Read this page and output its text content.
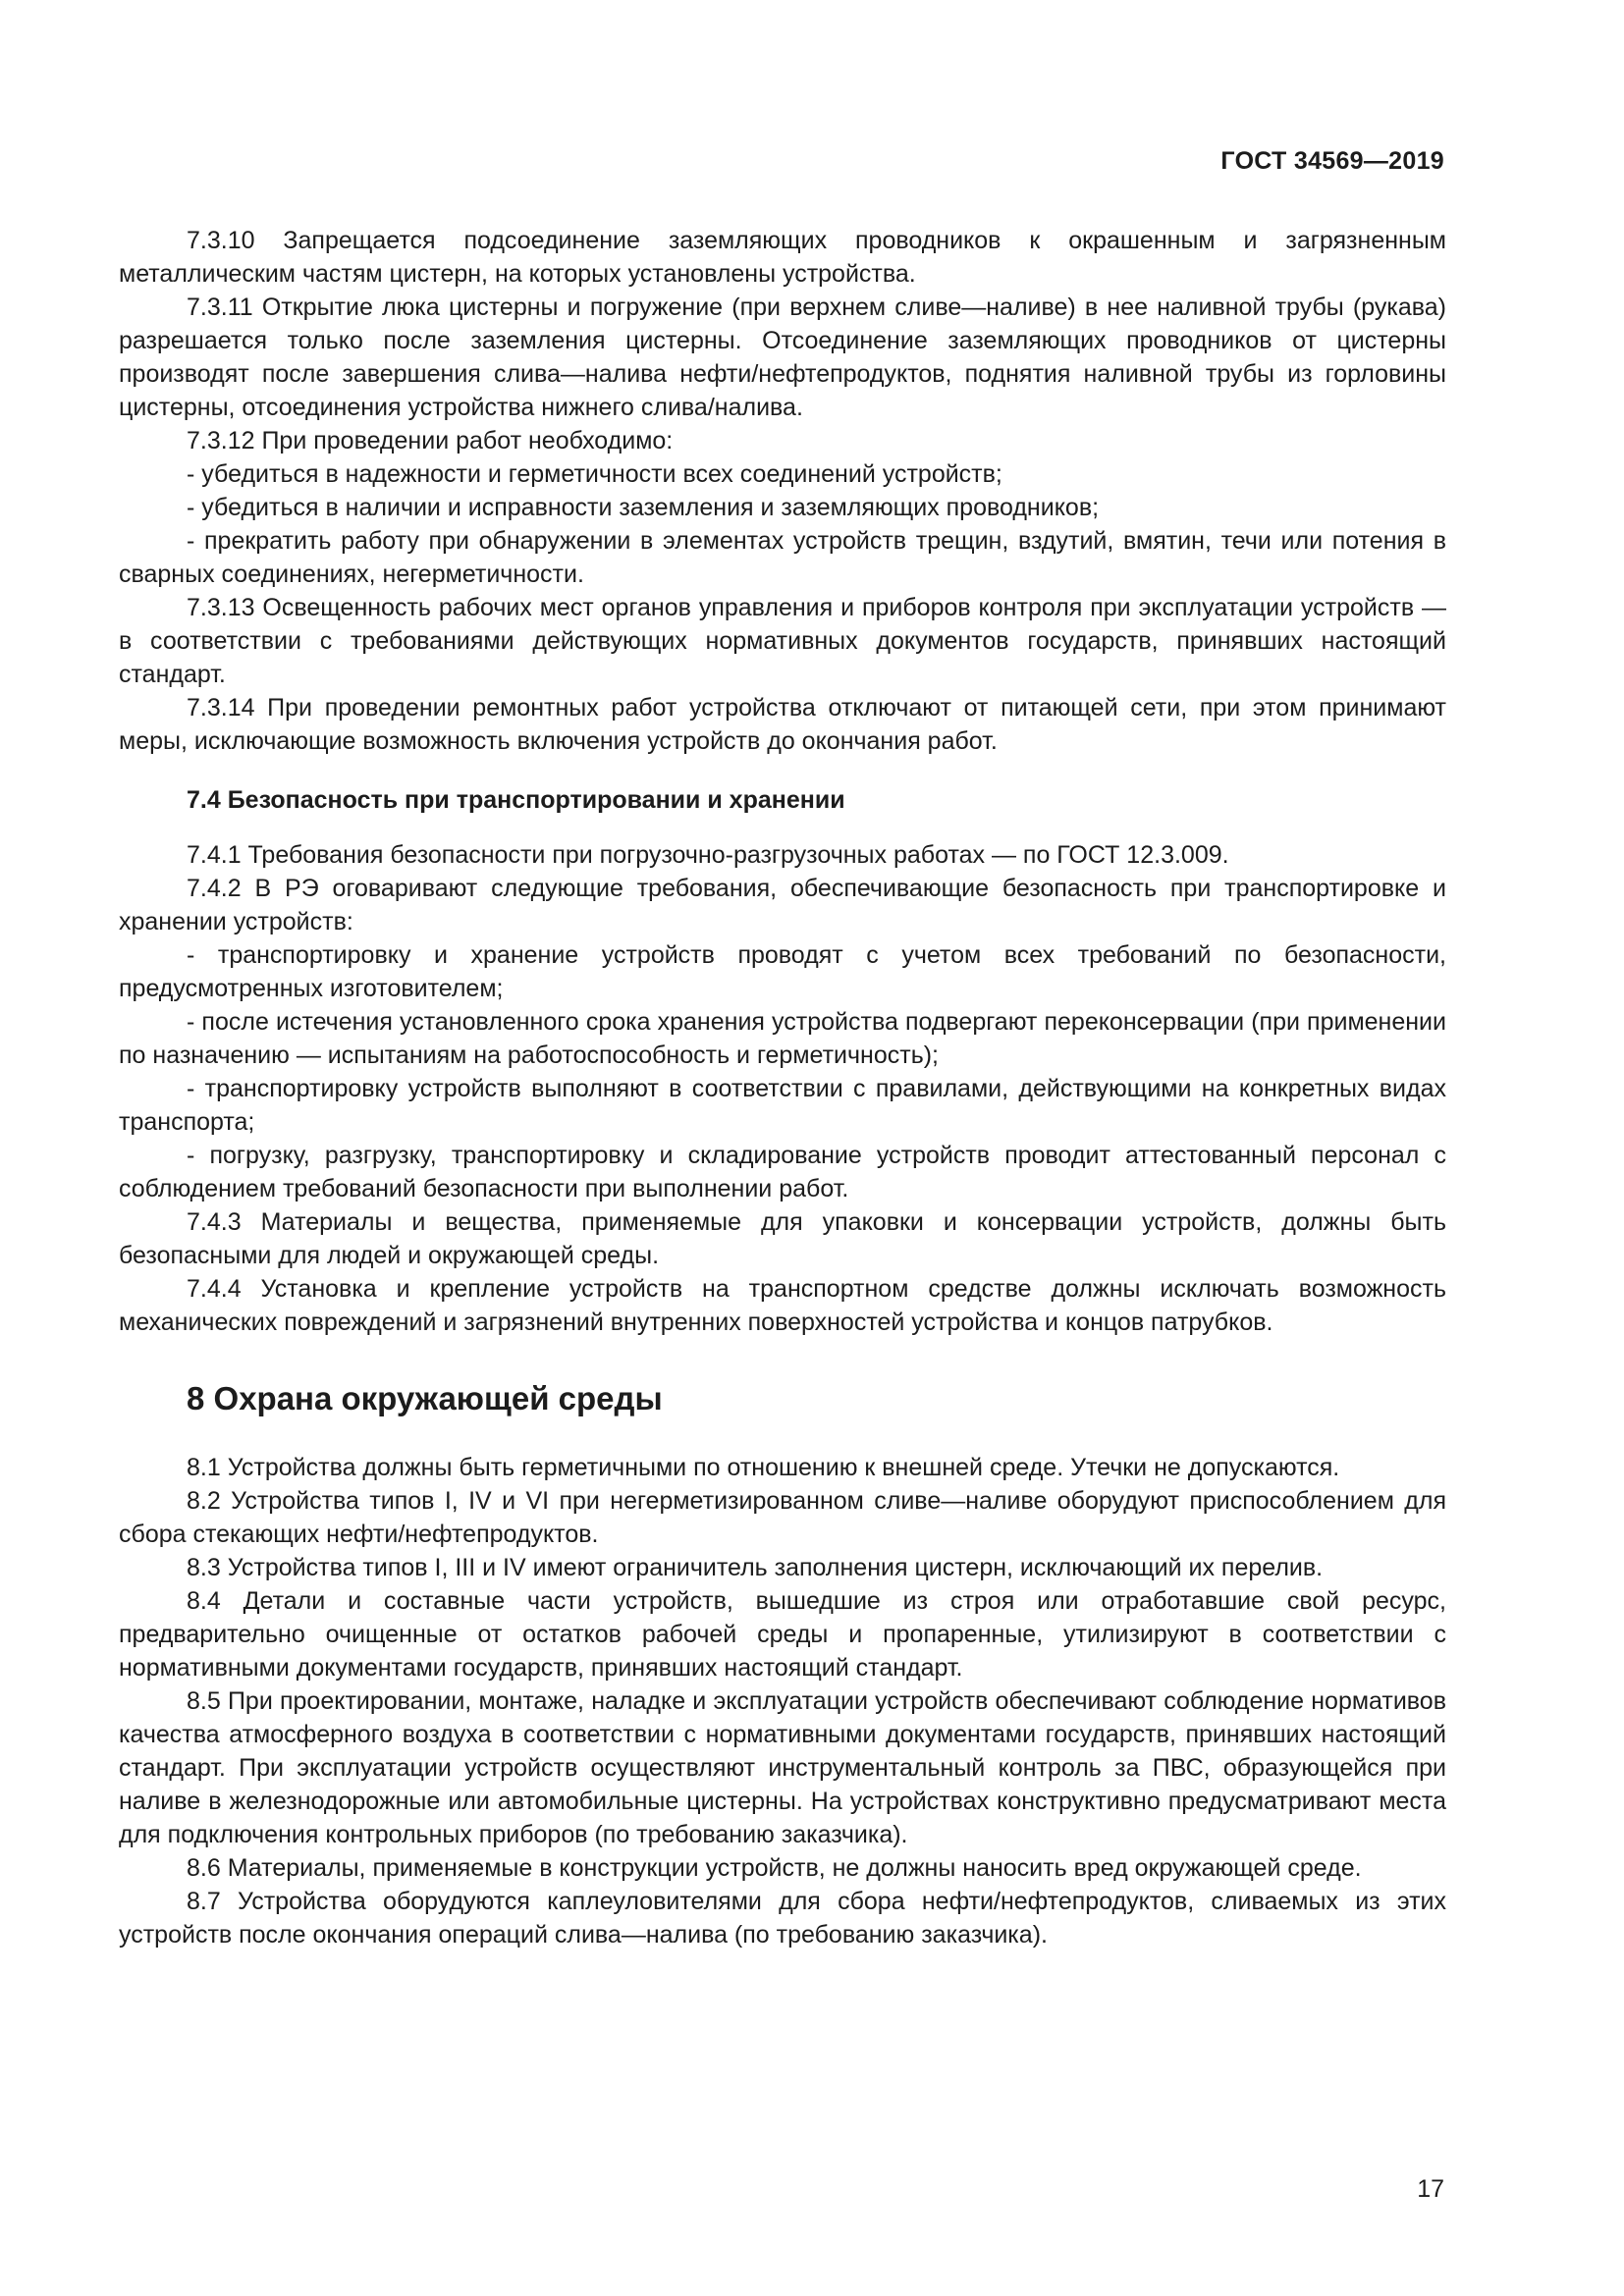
ГОСТ 34569—2019

7.3.10 Запрещается подсоединение заземляющих проводников к окрашенным и загрязненным металлическим частям цистерн, на которых установлены устройства.

7.3.11 Открытие люка цистерны и погружение (при верхнем сливе—наливе) в нее наливной трубы (рукава) разрешается только после заземления цистерны. Отсоединение заземляющих проводников от цистерны производят после завершения слива—налива нефти/нефтепродуктов, поднятия наливной трубы из горловины цистерны, отсоединения устройства нижнего слива/налива.

7.3.12 При проведении работ необходимо:

- убедиться в надежности и герметичности всех соединений устройств;

- убедиться в наличии и исправности заземления и заземляющих проводников;

- прекратить работу при обнаружении в элементах устройств трещин, вздутий, вмятин, течи или потения в сварных соединениях, негерметичности.

7.3.13 Освещенность рабочих мест органов управления и приборов контроля при эксплуатации устройств — в соответствии с требованиями действующих нормативных документов государств, принявших настоящий стандарт.

7.3.14 При проведении ремонтных работ устройства отключают от питающей сети, при этом принимают меры, исключающие возможность включения устройств до окончания работ.

7.4 Безопасность при транспортировании и хранении

7.4.1 Требования безопасности при погрузочно-разгрузочных работах — по ГОСТ 12.3.009.

7.4.2 В РЭ оговаривают следующие требования, обеспечивающие безопасность при транспортировке и хранении устройств:

- транспортировку и хранение устройств проводят с учетом всех требований по безопасности, предусмотренных изготовителем;

- после истечения установленного срока хранения устройства подвергают переконсервации (при применении по назначению — испытаниям на работоспособность и герметичность);

- транспортировку устройств выполняют в соответствии с правилами, действующими на конкретных видах транспорта;

- погрузку, разгрузку, транспортировку и складирование устройств проводит аттестованный персонал с соблюдением требований безопасности при выполнении работ.

7.4.3 Материалы и вещества, применяемые для упаковки и консервации устройств, должны быть безопасными для людей и окружающей среды.

7.4.4 Установка и крепление устройств на транспортном средстве должны исключать возможность механических повреждений и загрязнений внутренних поверхностей устройства и концов патрубков.

8 Охрана окружающей среды

8.1 Устройства должны быть герметичными по отношению к внешней среде. Утечки не допускаются.

8.2 Устройства типов I, IV и VI при негерметизированном сливе—наливе оборудуют приспособлением для сбора стекающих нефти/нефтепродуктов.

8.3 Устройства типов I, III и IV имеют ограничитель заполнения цистерн, исключающий их перелив.

8.4 Детали и составные части устройств, вышедшие из строя или отработавшие свой ресурс, предварительно очищенные от остатков рабочей среды и пропаренные, утилизируют в соответствии с нормативными документами государств, принявших настоящий стандарт.

8.5 При проектировании, монтаже, наладке и эксплуатации устройств обеспечивают соблюдение нормативов качества атмосферного воздуха в соответствии с нормативными документами государств, принявших настоящий стандарт. При эксплуатации устройств осуществляют инструментальный контроль за ПВС, образующейся при наливе в железнодорожные или автомобильные цистерны. На устройствах конструктивно предусматривают места для подключения контрольных приборов (по требованию заказчика).

8.6 Материалы, применяемые в конструкции устройств, не должны наносить вред окружающей среде.

8.7 Устройства оборудуются каплеуловителями для сбора нефти/нефтепродуктов, сливаемых из этих устройств после окончания операций слива—налива (по требованию заказчика).

17
